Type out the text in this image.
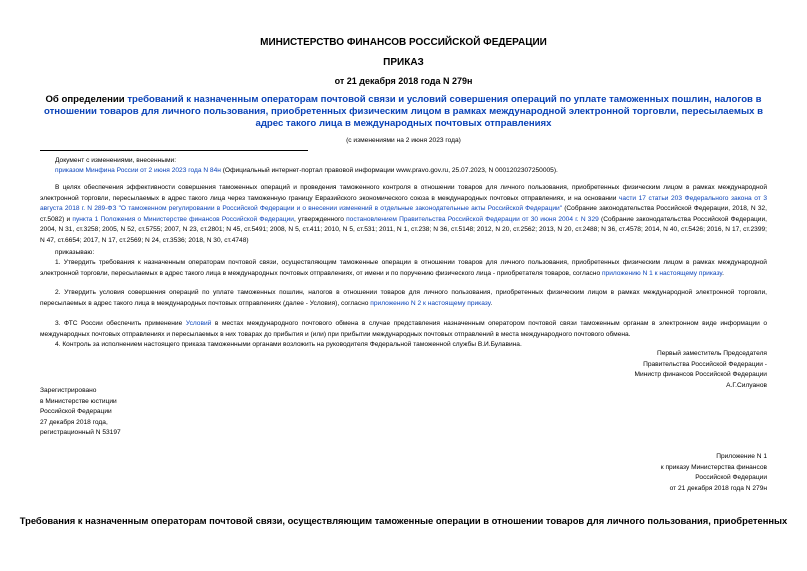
МИНИСТЕРСТВО ФИНАНСОВ РОССИЙСКОЙ ФЕДЕРАЦИИ
ПРИКАЗ
от 21 декабря 2018 года N 279н
Об определении требований к назначенным операторам почтовой связи и условий совершения операций по уплате таможенных пошлин, налогов в отношении товаров для личного пользования, приобретенных физическим лицом в рамках международной электронной торговли, пересылаемых в адрес такого лица в международных почтовых отправлениях
(с изменениями на 2 июня 2023 года)
Документ с изменениями, внесенными:
приказом Минфина России от 2 июня 2023 года N 84н (Официальный интернет-портал правовой информации www.pravo.gov.ru, 25.07.2023, N 0001202307250005).
В целях обеспечения эффективности совершения таможенных операций и проведения таможенного контроля в отношении товаров для личного пользования, приобретенных физическим лицом в рамках международной электронной торговли, пересылаемых в адрес такого лица через таможенную границу Евразийского экономического союза в международных почтовых отправлениях, и на основании части 17 статьи 203 Федерального закона от 3 августа 2018 г. N 289-ФЗ "О таможенном регулировании в Российской Федерации и о внесении изменений в отдельные законодательные акты Российской Федерации" (Собрание законодательства Российской Федерации, 2018, N 32, ст.5082) и пункта 1 Положения о Министерстве финансов Российской Федерации, утвержденного постановлением Правительства Российской Федерации от 30 июня 2004 г. N 329 (Собрание законодательства Российской Федерации, 2004, N 31, ст.3258; 2005, N 52, ст.5755; 2007, N 23, ст.2801; N 45, ст.5491; 2008, N 5, ст.411; 2010, N 5, ст.531; 2011, N 1, ст.238; N 36, ст.5148; 2012, N 20, ст.2562; 2013, N 20, ст.2488; N 36, ст.4578; 2014, N 40, ст.5426; 2016, N 17, ст.2399; N 47, ст.6654; 2017, N 17, ст.2569; N 24, ст.3536; 2018, N 30, ст.4748)
приказываю:
1. Утвердить требования к назначенным операторам почтовой связи, осуществляющим таможенные операции в отношении товаров для личного пользования, приобретенных физическим лицом в рамках международной электронной торговли, пересылаемых в адрес такого лица в международных почтовых отправлениях, от имени и по поручению физического лица - приобретателя товаров, согласно приложению N 1 к настоящему приказу.
2. Утвердить условия совершения операций по уплате таможенных пошлин, налогов в отношении товаров для личного пользования, приобретенных физическим лицом в рамках международной электронной торговли, пересылаемых в адрес такого лица в международных почтовых отправлениях (далее - Условия), согласно приложению N 2 к настоящему приказу.
3. ФТС России обеспечить применение Условий в местах международного почтового обмена в случае представления назначенным оператором почтовой связи таможенным органам в электронном виде информации о международных почтовых отправлениях и пересылаемых в них товарах до прибытия и (или) при прибытии международных почтовых отправлений в места международного почтового обмена.
4. Контроль за исполнением настоящего приказа таможенными органами возложить на руководителя Федеральной таможенной службы В.И.Булавина.
Первый заместитель Председателя
Правительства Российской Федерации -
Министр финансов Российской Федерации
А.Г.Силуанов
Зарегистрировано
в Министерстве юстиции
Российской Федерации
27 декабря 2018 года,
регистрационный N 53197
Приложение N 1
к приказу Министерства финансов
Российской Федерации
от 21 декабря 2018 года N 279н
Требования к назначенным операторам почтовой связи, осуществляющим таможенные операции в отношении товаров для личного пользования, приобретенных
